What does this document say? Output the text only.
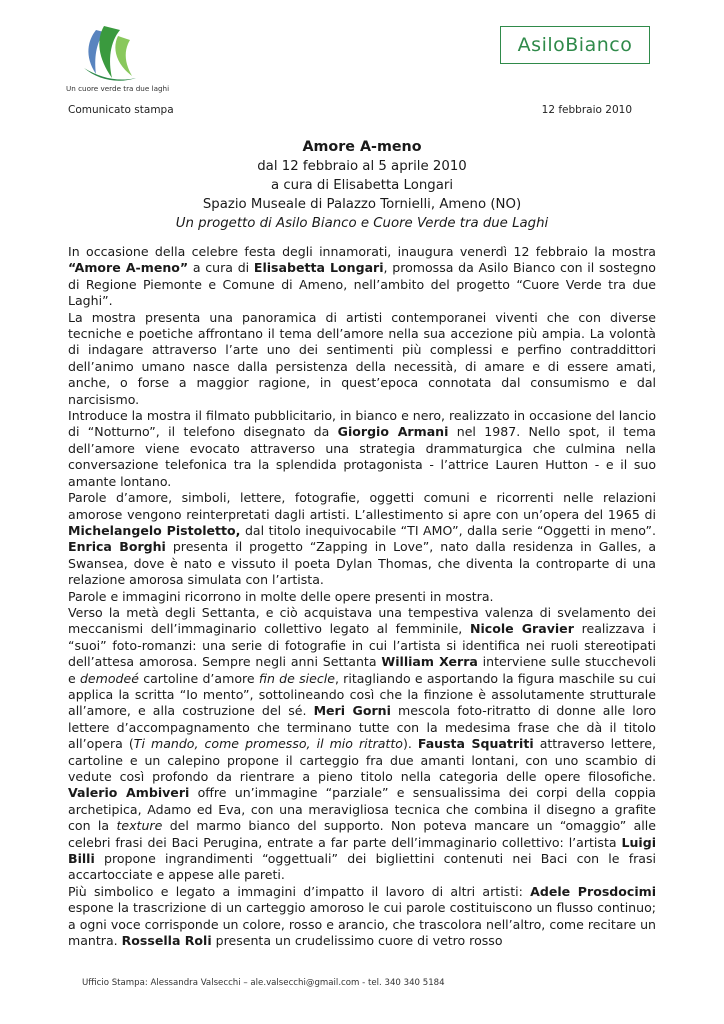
Un cuore verde tra due laghi
AsiloBianco
Comunicato stampa	12 febbraio 2010
Amore A-meno
dal 12 febbraio al 5 aprile 2010
a cura di Elisabetta Longari
Spazio Museale di Palazzo Tornielli, Ameno (NO)
Un progetto di Asilo Bianco e Cuore Verde tra due Laghi

In occasione della celebre festa degli innamorati, inaugura venerdì 12 febbraio la mostra “Amore A-meno” a cura di Elisabetta Longari, promossa da Asilo Bianco con il sostegno di Regione Piemonte e Comune di Ameno, nell’ambito del progetto “Cuore Verde tra due Laghi”.

La mostra presenta una panoramica di artisti contemporanei viventi che con diverse tecniche e poetiche affrontano il tema dell’amore nella sua accezione più ampia. La volontà di indagare attraverso l’arte uno dei sentimenti più complessi e perfino contraddittori dell’animo umano nasce dalla persistenza della necessità, di amare e di essere amati, anche, o forse a maggior ragione, in quest’epoca connotata dal consumismo e dal narcisismo.

Introduce la mostra il filmato pubblicitario, in bianco e nero, realizzato in occasione del lancio di “Notturno”, il telefono disegnato da Giorgio Armani nel 1987. Nello spot, il tema dell’amore viene evocato attraverso una strategia drammaturgica che culmina nella conversazione telefonica tra la splendida protagonista - l’attrice Lauren Hutton - e il suo amante lontano.

Parole d’amore, simboli, lettere, fotografie, oggetti comuni e ricorrenti nelle relazioni amorose vengono reinterpretati dagli artisti. L’allestimento si apre con un’opera del 1965 di Michelangelo Pistoletto, dal titolo inequivocabile “TI AMO”, dalla serie “Oggetti in meno”. Enrica Borghi presenta il progetto “Zapping in Love”, nato dalla residenza in Galles, a Swansea, dove è nato e vissuto il poeta Dylan Thomas, che diventa la controparte di una relazione amorosa simulata con l’artista.

Parole e immagini ricorrono in molte delle opere presenti in mostra.

Verso la metà degli Settanta, e ciò acquistava una tempestiva valenza di svelamento dei meccanismi dell’immaginario collettivo legato al femminile, Nicole Gravier realizzava i “suoi” foto-romanzi: una serie di fotografie in cui l’artista si identifica nei ruoli stereotipati dell’attesa amorosa. Sempre negli anni Settanta William Xerra interviene sulle stucchevoli e demodeé cartoline d’amore fin de siecle, ritagliando e asportando la figura maschile su cui applica la scritta “Io mento”, sottolineando così che la finzione è assolutamente strutturale all’amore, e alla costruzione del sé. Meri Gorni mescola foto-ritratto di donne alle loro lettere d’accompagnamento che terminano tutte con la medesima frase che dà il titolo all’opera (Ti mando, come promesso, il mio ritratto). Fausta Squatriti attraverso lettere, cartoline e un calepino propone il carteggio fra due amanti lontani, con uno scambio di vedute così profondo da rientrare a pieno titolo nella categoria delle opere filosofiche. Valerio Ambiveri offre un’immagine “parziale” e sensualissima dei corpi della coppia archetipica, Adamo ed Eva, con una meravigliosa tecnica che combina il disegno a grafite con la texture del marmo bianco del supporto. Non poteva mancare un “omaggio” alle celebri frasi dei Baci Perugina, entrate a far parte dell’immaginario collettivo: l’artista Luigi Billi propone ingrandimenti “oggettuali” dei bigliettini contenuti nei Baci con le frasi accartocciate e appese alle pareti.

Più simbolico e legato a immagini d’impatto il lavoro di altri artisti: Adele Prosdocimi espone la trascrizione di un carteggio amoroso le cui parole costituiscono un flusso continuo; a ogni voce corrisponde un colore, rosso e arancio, che trascolora nell’altro, come recitare un mantra. Rossella Roli presenta un crudelissimo cuore di vetro rosso

Ufficio Stampa: Alessandra Valsecchi – ale.valsecchi@gmail.com - tel. 340 340 5184
